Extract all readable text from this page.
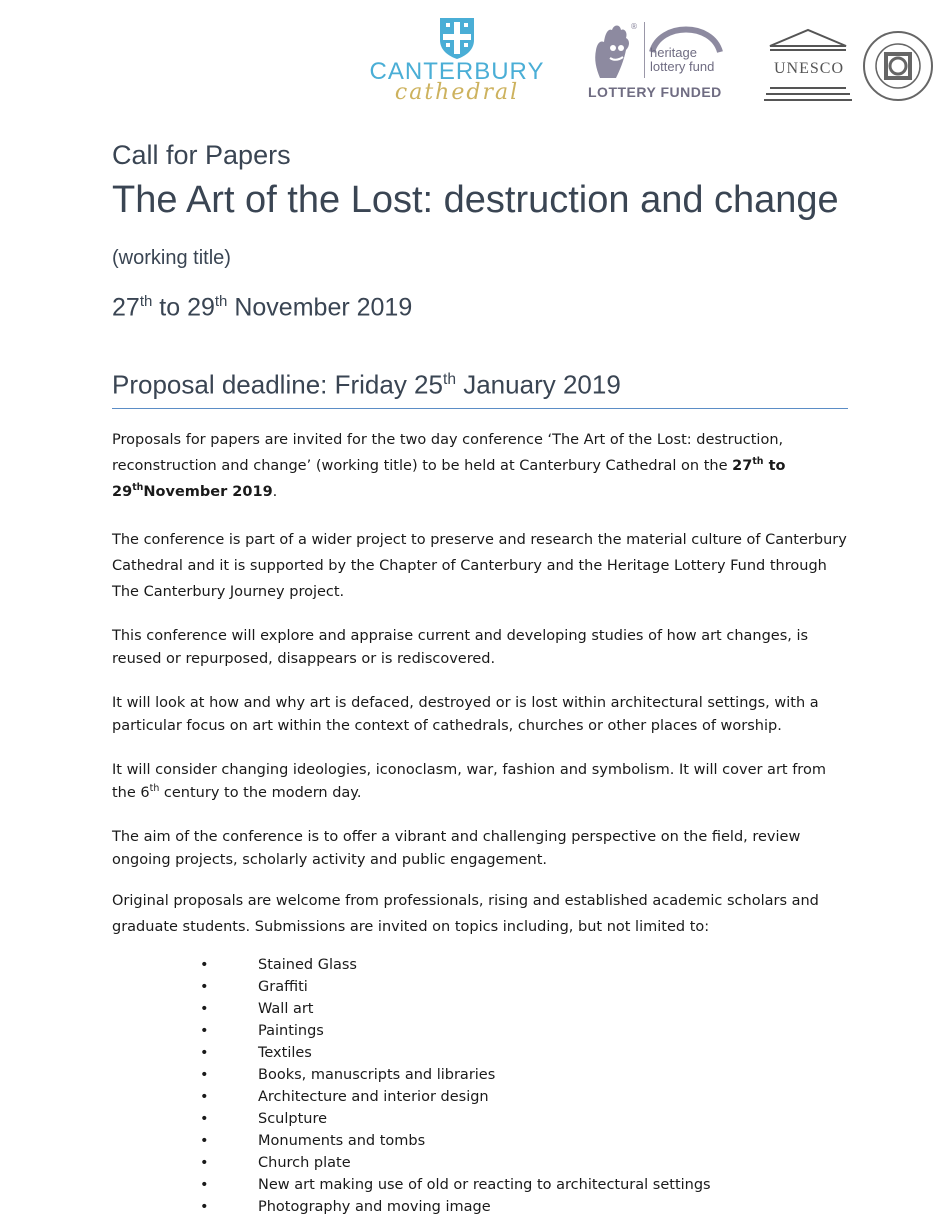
CANTERBURY
cathedral
®
heritage
lottery fund
LOTTERY FUNDED
UNESCO

Call for Papers

The Art of the Lost: destruction and change (working title)

27th to 29th November 2019

Proposal deadline: Friday 25th January 2019

Proposals for papers are invited for the two day conference ‘The Art of the Lost: destruction, reconstruction and change’ (working title) to be held at Canterbury Cathedral on the 27th to 29thNovember 2019.

The conference is part of a wider project to preserve and research the material culture of Canterbury Cathedral and it is supported by the Chapter of Canterbury and the Heritage Lottery Fund through The Canterbury Journey project.

This conference will explore and appraise current and developing studies of how art changes, is reused or repurposed, disappears or is rediscovered.

It will look at how and why art is defaced, destroyed or is lost within architectural settings, with a particular focus on art within the context of cathedrals, churches or other places of worship.

It will consider changing ideologies, iconoclasm, war, fashion and symbolism. It will cover art from the 6th century to the modern day.

The aim of the conference is to offer a vibrant and challenging perspective on the field, review ongoing projects, scholarly activity and public engagement.

Original proposals are welcome from professionals, rising and established academic scholars and graduate students. Submissions are invited on topics including, but not limited to:

• Stained Glass
• Graffiti
• Wall art
• Paintings
• Textiles
• Books, manuscripts and libraries
• Architecture and interior design
• Sculpture
• Monuments and tombs
• Church plate
• New art making use of old or reacting to architectural settings
• Photography and moving image
